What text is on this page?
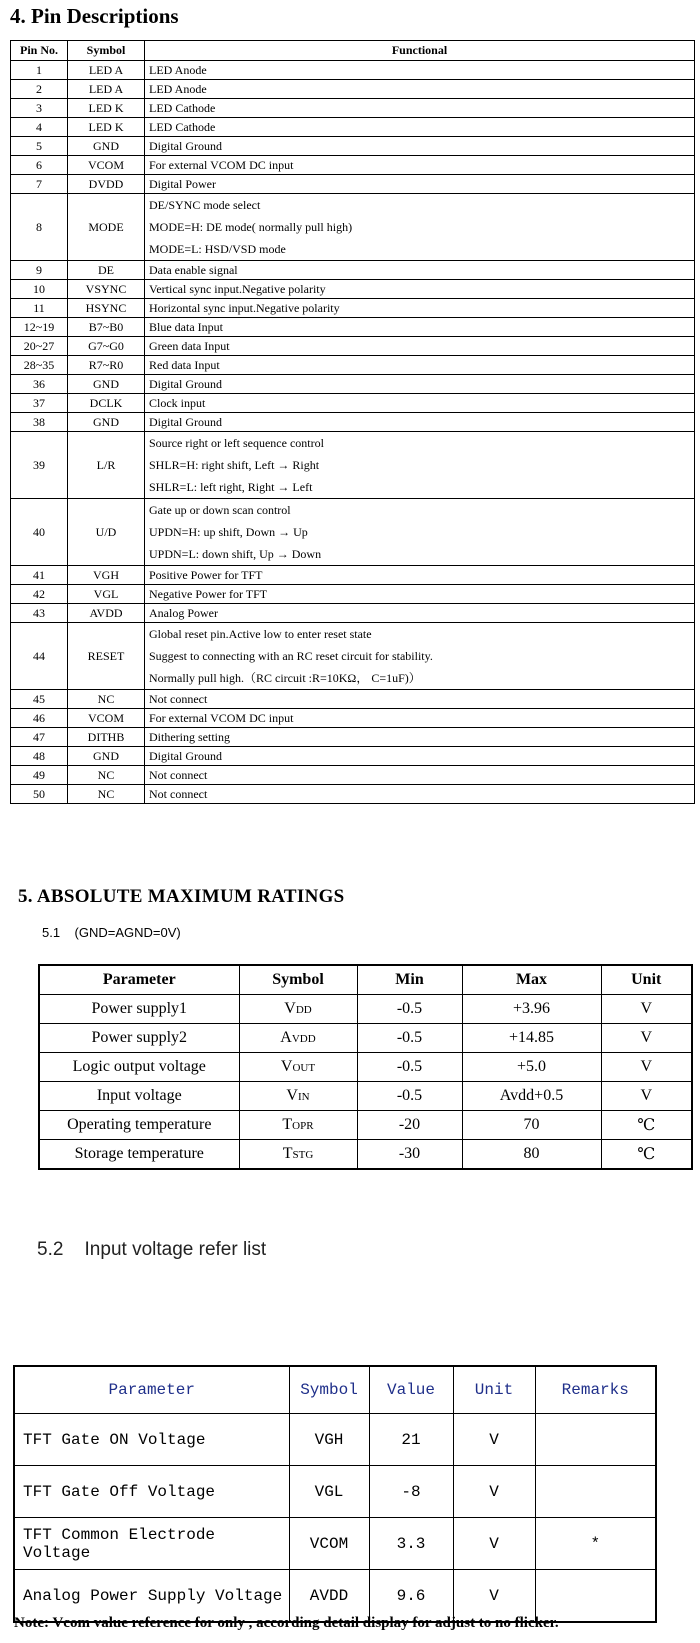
4. Pin Descriptions
Pin No.	Symbol	Functional
1	LED A	LED Anode

2	LED A	LED Anode

3	LED K	LED Cathode

4	LED K	LED Cathode

5	GND	Digital Ground

6	VCOM	For external VCOM DC input

7	DVDD	Digital Power

8	MODE	DE/SYNC mode select
MODE=H: DE mode( normally pull high)
MODE=L: HSD/VSD mode

9	DE	Data enable signal

10	VSYNC	Vertical sync input.Negative polarity

11	HSYNC	Horizontal sync input.Negative polarity

12~19	B7~B0	Blue data Input

20~27	G7~G0	Green data Input

28~35	R7~R0	Red data Input

36	GND	Digital Ground

37	DCLK	Clock input

38	GND	Digital Ground

39	L/R	Source right or left sequence control
SHLR=H: right shift, Left → Right
SHLR=L: left right, Right → Left

40	U/D	Gate up or down scan control
UPDN=H: up shift, Down → Up
UPDN=L: down shift, Up → Down

41	VGH	Positive Power for TFT

42	VGL	Negative Power for TFT

43	AVDD	Analog Power

44	RESET	Global reset pin.Active low to enter reset state
Suggest to connecting with an RC reset circuit for stability.
Normally pull high.（RC circuit :R=10KΩ， C=1uF)）

45	NC	Not connect

46	VCOM	For external VCOM DC input

47	DITHB	Dithering setting

48	GND	Digital Ground

49	NC	Not connect

50	NC	Not connect
5. ABSOLUTE MAXIMUM RATINGS
5.1    (GND=AGND=0V)
Parameter	Symbol	Min	Max	Unit
Power supply1	Vdd	-0.5	+3.96	V
Power supply2	Avdd	-0.5	+14.85	V
Logic output voltage	Vout	-0.5	+5.0	V
Input voltage	Vin	-0.5	Avdd+0.5	V
Operating temperature	Topr	-20	70	℃
Storage temperature	Tstg	-30	80	℃
5.2    Input voltage refer list
Parameter	Symbol	Value	Unit	Remarks
TFT Gate ON Voltage	VGH	21	V	
TFT Gate Off Voltage	VGL	-8	V	
TFT Common Electrode Voltage	VCOM	3.3	V	*
Analog Power Supply Voltage	AVDD	9.6	V	
Note: Vcom value reference for only , according detail display for adjust to no flicker.
